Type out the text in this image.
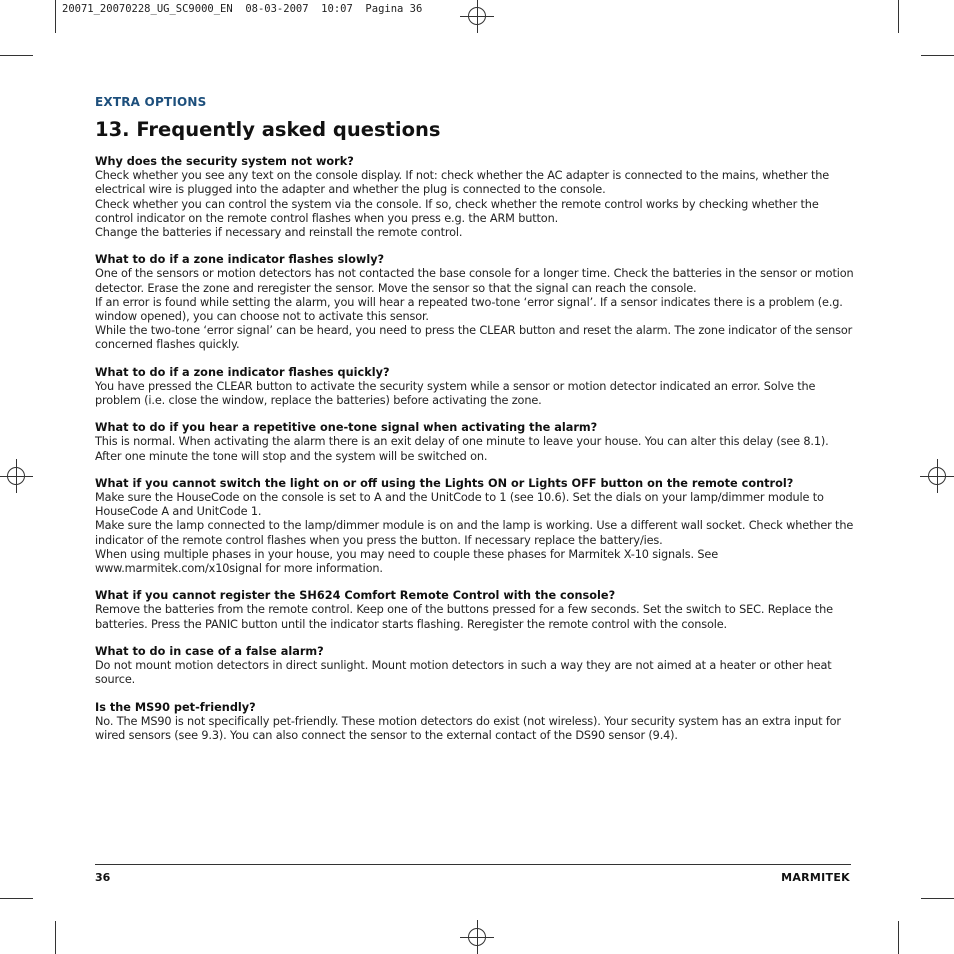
20071_20070228_UG_SC9000_EN  08-03-2007  10:07  Pagina 36
EXTRA OPTIONS
13. Frequently asked questions

Why does the security system not work?

Check whether you see any text on the console display. If not: check whether the AC adapter is connected to the mains, whether the electrical wire is plugged into the adapter and whether the plug is connected to the console.

Check whether you can control the system via the console. If so, check whether the remote control works by checking whether the control indicator on the remote control flashes when you press e.g. the ARM button.

Change the batteries if necessary and reinstall the remote control.

What to do if a zone indicator flashes slowly?

One of the sensors or motion detectors has not contacted the base console for a longer time. Check the batteries in the sensor or motion detector. Erase the zone and reregister the sensor. Move the sensor so that the signal can reach the console.

If an error is found while setting the alarm, you will hear a repeated two-tone ‘error signal’. If a sensor indicates there is a problem (e.g. window opened), you can choose not to activate this sensor.

While the two-tone ‘error signal’ can be heard, you need to press the CLEAR button and reset the alarm. The zone indicator of the sensor concerned flashes quickly.

What to do if a zone indicator flashes quickly?

You have pressed the CLEAR button to activate the security system while a sensor or motion detector indicated an error. Solve the problem (i.e. close the window, replace the batteries) before activating the zone.

What to do if you hear a repetitive one-tone signal when activating the alarm?

This is normal. When activating the alarm there is an exit delay of one minute to leave your house. You can alter this delay (see 8.1). After one minute the tone will stop and the system will be switched on.

What if you cannot switch the light on or off using the Lights ON or Lights OFF button on the remote control?

Make sure the HouseCode on the console is set to A and the UnitCode to 1 (see 10.6). Set the dials on your lamp/dimmer module to HouseCode A and UnitCode 1.

Make sure the lamp connected to the lamp/dimmer module is on and the lamp is working. Use a different wall socket. Check whether the indicator of the remote control flashes when you press the button. If necessary replace the battery/ies.

When using multiple phases in your house, you may need to couple these phases for Marmitek X-10 signals. See www.marmitek.com/x10signal for more information.

What if you cannot register the SH624 Comfort Remote Control with the console?

Remove the batteries from the remote control. Keep one of the buttons pressed for a few seconds. Set the switch to SEC. Replace the batteries. Press the PANIC button until the indicator starts flashing. Reregister the remote control with the console.

What to do in case of a false alarm?

Do not mount motion detectors in direct sunlight. Mount motion detectors in such a way they are not aimed at a heater or other heat source.

Is the MS90 pet-friendly?

No. The MS90 is not specifically pet-friendly. These motion detectors do exist (not wireless). Your security system has an extra input for wired sensors (see 9.3). You can also connect the sensor to the external contact of the DS90 sensor (9.4).

36	MARMITEK
